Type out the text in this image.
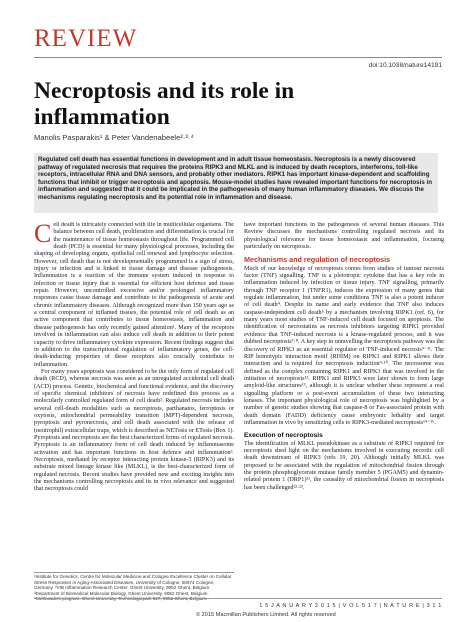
REVIEW
doi:10.1038/nature14191
Necroptosis and its role in inflammation
Manolis Pasparakis¹ & Peter Vandenabeele²·³·⁴
Regulated cell death has essential functions in development and in adult tissue homeostasis. Necroptosis is a newly discovered pathway of regulated necrosis that requires the proteins RIPK3 and MLKL and is induced by death receptors, interferons, toll-like receptors, intracellular RNA and DNA sensors, and probably other mediators. RIPK1 has important kinase-dependent and scaffolding functions that inhibit or trigger necroptosis and apoptosis. Mouse-model studies have revealed important functions for necroptosis in inflammation and suggested that it could be implicated in the pathogenesis of many human inflammatory diseases. We discuss the mechanisms regulating necroptosis and its potential role in inflammation and disease.
C ell death is intricately connected with life in multicellular organisms. The balance between cell death, proliferation and differentiation is crucial for the maintenance of tissue homeostasis throughout life. Programmed cell death (PCD) is essential for many physiological processes, including the shaping of developing organs, epithelial cell renewal and lymphocyte selection. However, cell death that is not developmentally programmed is a sign of stress, injury or infection and is linked to tissue damage and disease pathogenesis. Inflammation is a reaction of the immune system induced in response to infection or tissue injury that is essential for efficient host defence and tissue repair. However, uncontrolled excessive and/or prolonged inflammatory responses cause tissue damage and contribute to the pathogenesis of acute and chronic inflammatory diseases. Although recognized more than 150 years ago as a central component of inflamed tissues, the potential role of cell death as an active component that contributes to tissue homeostasis, inflammation and disease pathogenesis has only recently gained attention¹. Many of the receptors involved in inflammation can also induce cell death in addition to their potent capacity to drive inflammatory cytokine expression. Recent findings suggest that in addition to the transcriptional regulation of inflammatory genes, the cell-death-inducing properties of these receptors also crucially contribute to inflammation.

For many years apoptosis was considered to be the only form of regulated cell death (RCD), whereas necrosis was seen as an unregulated accidental cell death (ACD) process. Genetic, biochemical and functional evidence, and the discovery of specific chemical inhibitors of necrosis have redefined this process as a molecularly controlled regulated form of cell death². Regulated necrosis includes several cell-death modalities such as necroptosis, parthanatos, ferroptosis or oxytosis, mitochondrial permeability transition (MPT)-dependent necrosis, pyroptosis and pyronecrosis, and cell death associated with the release of (neutrophil) extracellular traps, which is described as NETosis or ETosis (Box 1). Pyroptosis and necroptosis are the best characterized forms of regulated necrosis. Pyroptosis is an inflammatory form of cell death induced by inflammasome activation and has important functions in host defence and inflammation³. Necroptosis, mediated by receptor interacting protein kinase-3 (RIPK3) and its substrate mixed lineage kinase like (MLKL), is the best-characterized form of regulated necrosis. Recent studies have provided new and exciting insights into the mechanisms controlling necroptosis and its in vivo relevance and suggested that necroptosis could

have important functions in the pathogenesis of several human diseases. This Review discusses the mechanisms controlling regulated necrosis and its physiological relevance for tissue homeostasis and inflammation, focusing particularly on necroptosis.

Mechanisms and regulation of necroptosis

Much of our knowledge of necroptosis comes from studies of tumour necrosis factor (TNF) signalling. TNF is a pleiotropic cytokine that has a key role in inflammation induced by infection or tissue injury. TNF signalling, primarily through TNF receptor 1 (TNFR1), induces the expression of many genes that regulate inflammation, but under some conditions TNF is also a potent inducer of cell death⁴. Despite its name and early evidence that TNF also induces caspase-independent cell death⁵ by a mechanism involving RIPK1 (ref. 6), for many years most studies of TNF-induced cell death focused on apoptosis. The identification of necrostatins as necrosis inhibitors targeting RIPK1 provided evidence that TNF-induced necrosis is a kinase-regulated process, and it was dubbed necroptosis⁷·⁸. A key step in unravelling the necroptosis pathway was the discovery of RIPK3 as an essential regulator of TNF-induced necrosis⁹⁻¹¹. The RIP homotypic interaction motif (RHIM) on RIPK3 and RIPK1 allows their interaction and is required for necroptosis induction⁹·¹⁰. The necrosome was defined as the complex containing RIPK1 and RIPK3 that was involved in the initiation of necroptosis¹². RIPK1 and RIPK3 were later shown to form large amyloid-like structures¹³, although it is unclear whether these represent a real signalling platform or a post-event accumulation of these two interacting kinases. The important physiological role of necroptosis was highlighted by a number of genetic studies showing that caspase-8 or Fas-associated protein with death domain (FADD) deficiency cause embryonic lethality and target inflammation in vivo by sensitizing cells to RIPK3-mediated necroptosis¹⁴⁻¹⁶.

Execution of necroptosis

The identification of MLKL pseudokinase as a substrate of RIPK3 required for necroptosis shed light on the mechanisms involved in executing necrotic cell death downstream of RIPK3 (refs 19, 20). Although initially MLKL was proposed to be associated with the regulation of mitochondrial fission through the protein phosphoglycerate mutase family member 5 (PGAM5) and dynamin-related protein 1 (DRP1)²¹, the causality of mitochondrial fission in necroptosis has been challenged²²·²³.

¹Institute for Genetics, Centre for Molecular Medicine and Cologne Excellence Cluster on Cellular Stress Responses in Aging-Associated Diseases, University of Cologne, 50674 Cologne, Germany. ²VIB Inflammation Research Center, Ghent University, 9052 Ghent, Belgium. ³Department of Biomedical Molecular Biology, Ghent University, 9052 Ghent, Belgium. ⁴Methusalem program, Ghent University, Technologiepark 927, 9052 Ghent, Belgium.
1 5 J A N U A R Y 2 0 1 5 | V O L 5 1 7 | N A T U R E | 3 1 1
© 2015 Macmillan Publishers Limited. All rights reserved
